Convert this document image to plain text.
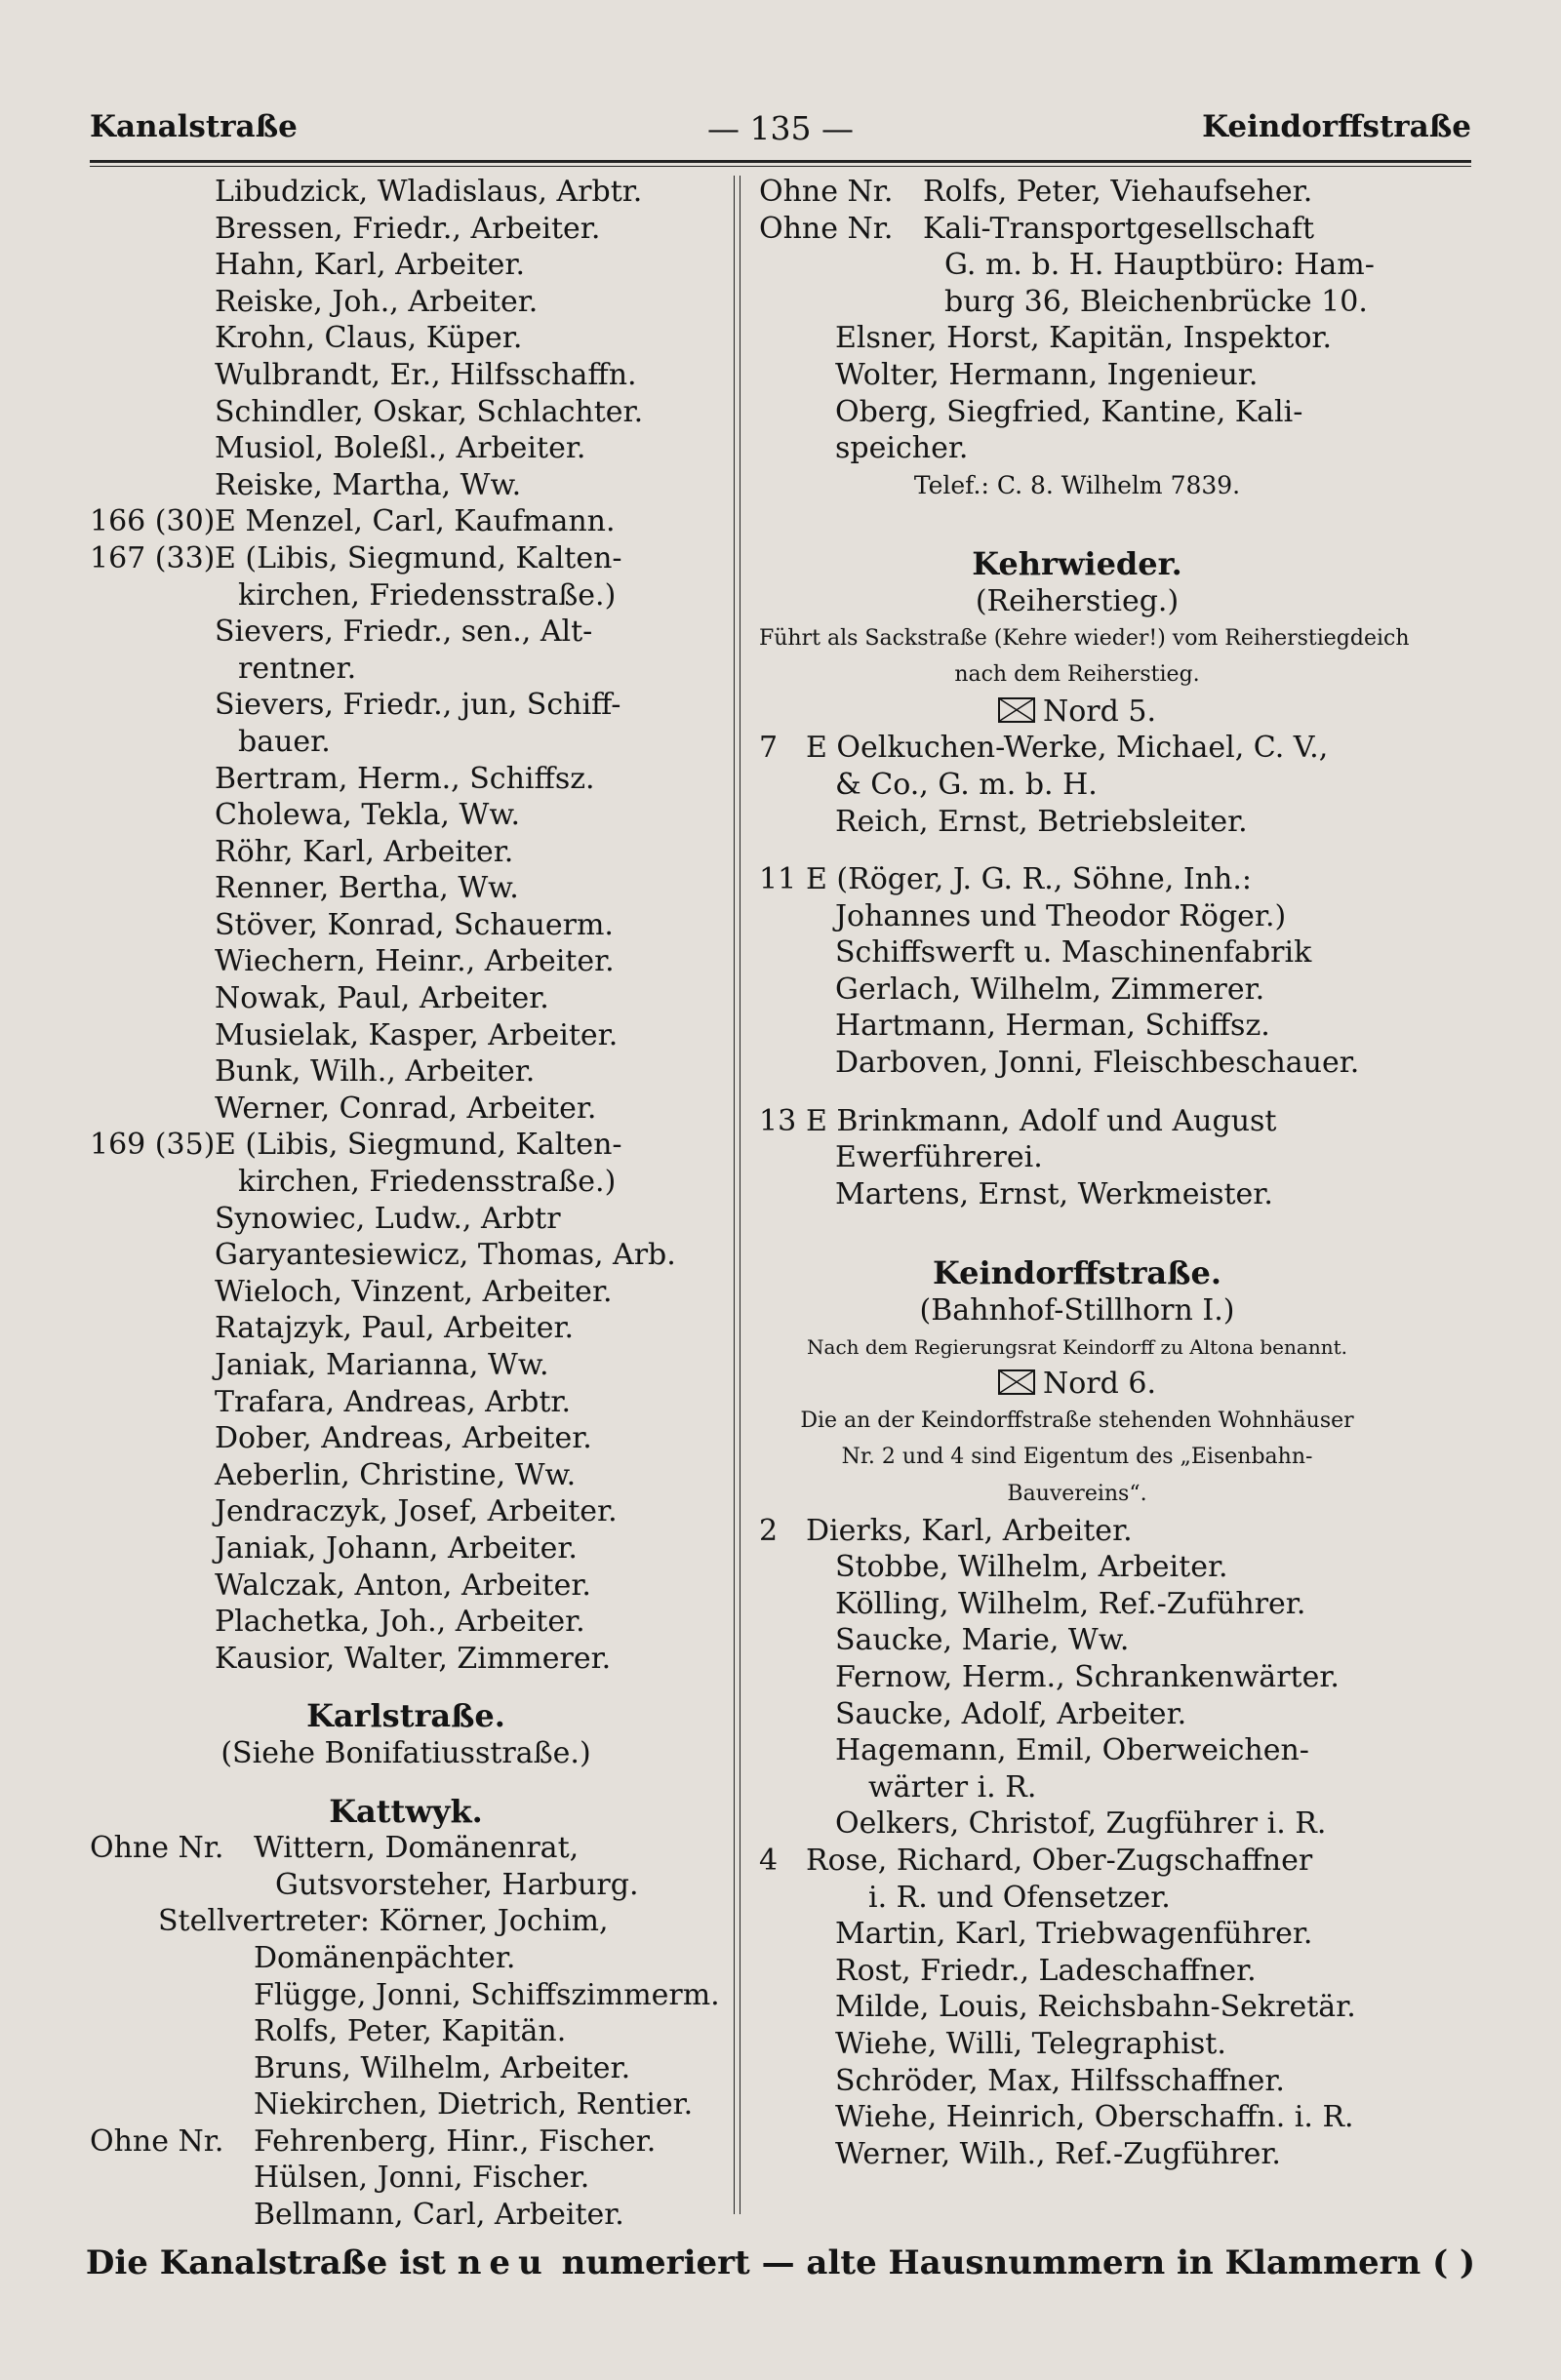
Kanalstraße	— 135 —	Keindorffstraße
Libudzick, Wladislaus, Arbtr.
Bressen, Friedr., Arbeiter.
Hahn, Karl, Arbeiter.
Reiske, Joh., Arbeiter.
Krohn, Claus, Küper.
Wulbrandt, Er., Hilfsschaffn.
Schindler, Oskar, Schlachter.
Musiol, Boleßl., Arbeiter.
Reiske, Martha, Ww.
166 (30) E Menzel, Carl, Kaufmann.
167 (33) E (Libis, Siegmund, Kalten-
kirchen, Friedensstraße.)
Sievers, Friedr., sen., Alt-
rentner.
Sievers, Friedr., jun, Schiff-
bauer.
Bertram, Herm., Schiffsz.
Cholewa, Tekla, Ww.
Röhr, Karl, Arbeiter.
Renner, Bertha, Ww.
Stöver, Konrad, Schauerm.
Wiechern, Heinr., Arbeiter.
Nowak, Paul, Arbeiter.
Musielak, Kasper, Arbeiter.
Bunk, Wilh., Arbeiter.
Werner, Conrad, Arbeiter.
169 (35) E (Libis, Siegmund, Kalten-
kirchen, Friedensstraße.)
Synowiec, Ludw., Arbtr
Garyantesiewicz, Thomas, Arb.
Wieloch, Vinzent, Arbeiter.
Ratajzyk, Paul, Arbeiter.
Janiak, Marianna, Ww.
Trafara, Andreas, Arbtr.
Dober, Andreas, Arbeiter.
Aeberlin, Christine, Ww.
Jendraczyk, Josef, Arbeiter.
Janiak, Johann, Arbeiter.
Walczak, Anton, Arbeiter.
Plachetka, Joh., Arbeiter.
Kausior, Walter, Zimmerer.
Karlstraße.
(Siehe Bonifatiusstraße.)
Kattwyk.
Ohne Nr. Wittern, Domänenrat,
Gutsvorsteher, Harburg.
Stellvertreter: Körner, Jochim,
Domänenpächter.
Flügge, Jonni, Schiffszimmerm.
Rolfs, Peter, Kapitän.
Bruns, Wilhelm, Arbeiter.
Niekirchen, Dietrich, Rentier.
Ohne Nr. Fehrenberg, Hinr., Fischer.
Hülsen, Jonni, Fischer.
Bellmann, Carl, Arbeiter.
Ohne Nr. Rolfs, Peter, Viehaufseher.
Ohne Nr. Kali-Transportgesellschaft
G. m. b. H. Hauptbüro: Ham-
burg 36, Bleichenbrücke 10.
Elsner, Horst, Kapitän, Inspektor.
Wolter, Hermann, Ingenieur.
Oberg, Siegfried, Kantine, Kali-
speicher.
Telef.: C. 8. Wilhelm 7839.
Kehrwieder.
(Reiherstieg.)
Führt als Sackstraße (Kehre wieder!) vom Reiherstiegdeich
nach dem Reiherstieg.
Nord 5.
7 E Oelkuchen-Werke, Michael, C. V.,
& Co., G. m. b. H.
Reich, Ernst, Betriebsleiter.
11 E (Röger, J. G. R., Söhne, Inh.:
Johannes und Theodor Röger.)
Schiffswerft u. Maschinenfabrik
Gerlach, Wilhelm, Zimmerer.
Hartmann, Herman, Schiffsz.
Darboven, Jonni, Fleischbeschauer.
13 E Brinkmann, Adolf und August
Ewerführerei.
Martens, Ernst, Werkmeister.
Keindorffstraße.
(Bahnhof-Stillhorn I.)
Nach dem Regierungsrat Keindorff zu Altona benannt.
Nord 6.
Die an der Keindorffstraße stehenden Wohnhäuser
Nr. 2 und 4 sind Eigentum des „Eisenbahn-
Bauvereins“.
2 Dierks, Karl, Arbeiter.
Stobbe, Wilhelm, Arbeiter.
Kölling, Wilhelm, Ref.-Zuführer.
Saucke, Marie, Ww.
Fernow, Herm., Schrankenwärter.
Saucke, Adolf, Arbeiter.
Hagemann, Emil, Oberweichen-
wärter i. R.
Oelkers, Christof, Zugführer i. R.
4 Rose, Richard, Ober-Zugschaffner
i. R. und Ofensetzer.
Martin, Karl, Triebwagenführer.
Rost, Friedr., Ladeschaffner.
Milde, Louis, Reichsbahn-Sekretär.
Wiehe, Willi, Telegraphist.
Schröder, Max, Hilfsschaffner.
Wiehe, Heinrich, Oberschaffn. i. R.
Werner, Wilh., Ref.-Zugführer.
Die Kanalstraße ist neu numeriert — alte Hausnummern in Klammern ( )
